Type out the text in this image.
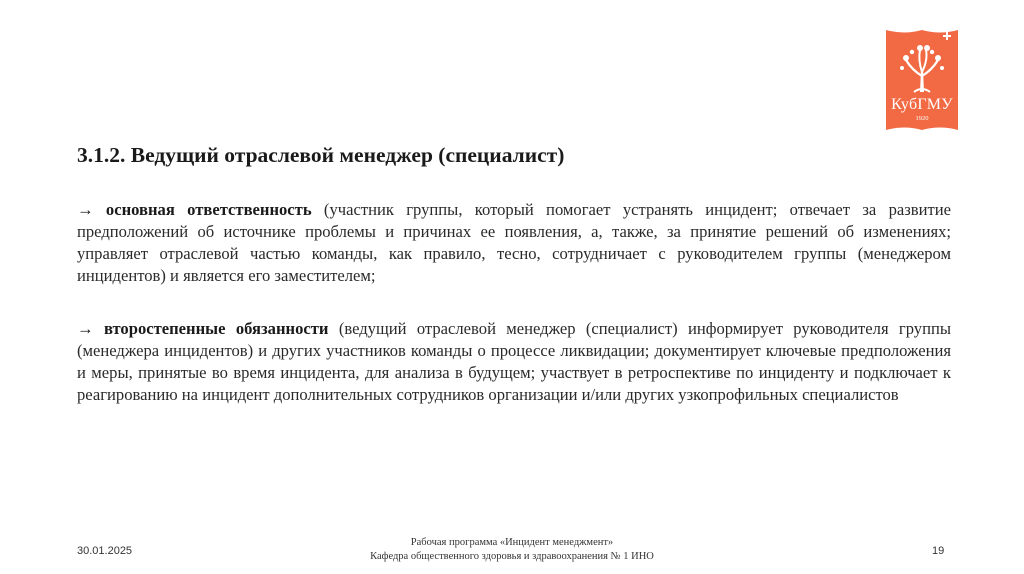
КубГМУ
1920
3.1.2. Ведущий отраслевой менеджер (специалист)

→ основная ответственность (участник группы, который помогает устранять инцидент; отвечает за развитие предположений об источнике проблемы и причинах ее появления, а, также, за принятие решений об изменениях; управляет отраслевой частью команды, как правило, тесно, сотрудничает с руководителем группы (менеджером инцидентов) и является его заместителем;

→ второстепенные обязанности (ведущий отраслевой менеджер (специалист) информирует руководителя группы (менеджера инцидентов) и других участников команды о процессе ликвидации; документирует ключевые предположения и меры, принятые во время инцидента, для анализа в будущем; участвует в ретроспективе по инциденту и подключает к реагированию на инцидент дополнительных сотрудников организации и/или других узкопрофильных специалистов

30.01.2025
Рабочая программа «Инцидент менеджмент»
Кафедра общественного здоровья и здравоохранения № 1 ИНО	19
